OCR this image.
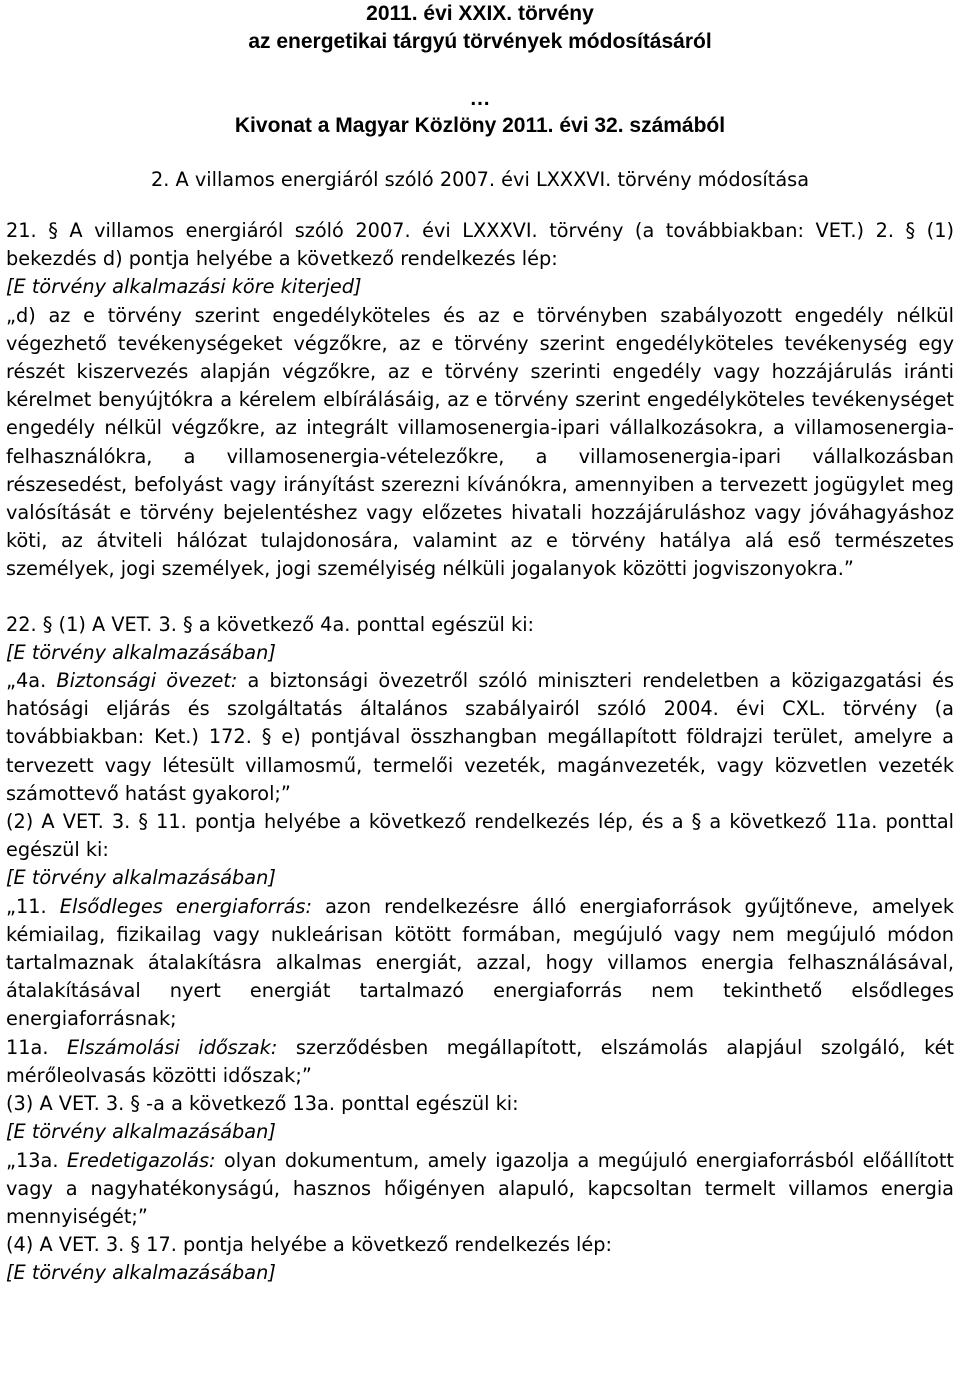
2011. évi XXIX. törvény
az energetikai tárgyú törvények módosításáról
…
Kivonat a Magyar Közlöny 2011. évi 32. számából
2. A villamos energiáról szóló 2007. évi LXXXVI. törvény módosítása

21. § A villamos energiáról szóló 2007. évi LXXXVI. törvény (a továbbiakban: VET.) 2. § (1) bekezdés d) pontja helyébe a következő rendelkezés lép:

[E törvény alkalmazási köre kiterjed]

„d) az e törvény szerint engedélyköteles és az e törvényben szabályozott engedély nélkül végezhető tevékenységeket végzőkre, az e törvény szerint engedélyköteles tevékenység egy részét kiszervezés alapján végzőkre, az e törvény szerinti engedély vagy hozzájárulás iránti kérelmet benyújtókra a kérelem elbírálásáig, az e törvény szerint engedélyköteles tevékenységet engedély nélkül végzőkre, az integrált villamosenergia-ipari vállalkozásokra, a villamosenergia-felhasználókra, a villamosenergia-vételezőkre, a villamosenergia-ipari vállalkozásban részesedést, befolyást vagy irányítást szerezni kívánókra, amennyiben a tervezett jogügylet meg valósítását e törvény bejelentéshez vagy előzetes hivatali hozzájáruláshoz vagy jóváhagyáshoz köti, az átviteli hálózat tulajdonosára, valamint az e törvény hatálya alá eső természetes személyek, jogi személyek, jogi személyiség nélküli jogalanyok közötti jogviszonyokra.”

22. § (1) A VET. 3. § a következő 4a. ponttal egészül ki:

[E törvény alkalmazásában]

„4a. Biztonsági övezet: a biztonsági övezetről szóló miniszteri rendeletben a közigazgatási és hatósági eljárás és szolgáltatás általános szabályairól szóló 2004. évi CXL. törvény (a továbbiakban: Ket.) 172. § e) pontjával összhangban megállapított földrajzi terület, amelyre a tervezett vagy létesült villamosmű, termelői vezeték, magánvezeték, vagy közvetlen vezeték számottevő hatást gyakorol;”

(2) A VET. 3. § 11. pontja helyébe a következő rendelkezés lép, és a § a következő 11a. ponttal egészül ki:

[E törvény alkalmazásában]

„11. Elsődleges energiaforrás: azon rendelkezésre álló energiaforrások gyűjtőneve, amelyek kémiailag, fizikailag vagy nukleárisan kötött formában, megújuló vagy nem megújuló módon tartalmaznak átalakításra alkalmas energiát, azzal, hogy villamos energia felhasználásával, átalakításával nyert energiát tartalmazó energiaforrás nem tekinthető elsődleges energiaforrásnak;

11a. Elszámolási időszak: szerződésben megállapított, elszámolás alapjául szolgáló, két mérőleolvasás közötti időszak;”

(3) A VET. 3. § -a a következő 13a. ponttal egészül ki:

[E törvény alkalmazásában]

„13a. Eredetigazolás: olyan dokumentum, amely igazolja a megújuló energiaforrásból előállított vagy a nagyhatékonyságú, hasznos hőigényen alapuló, kapcsoltan termelt villamos energia mennyiségét;”

(4) A VET. 3. § 17. pontja helyébe a következő rendelkezés lép:

[E törvény alkalmazásában]
